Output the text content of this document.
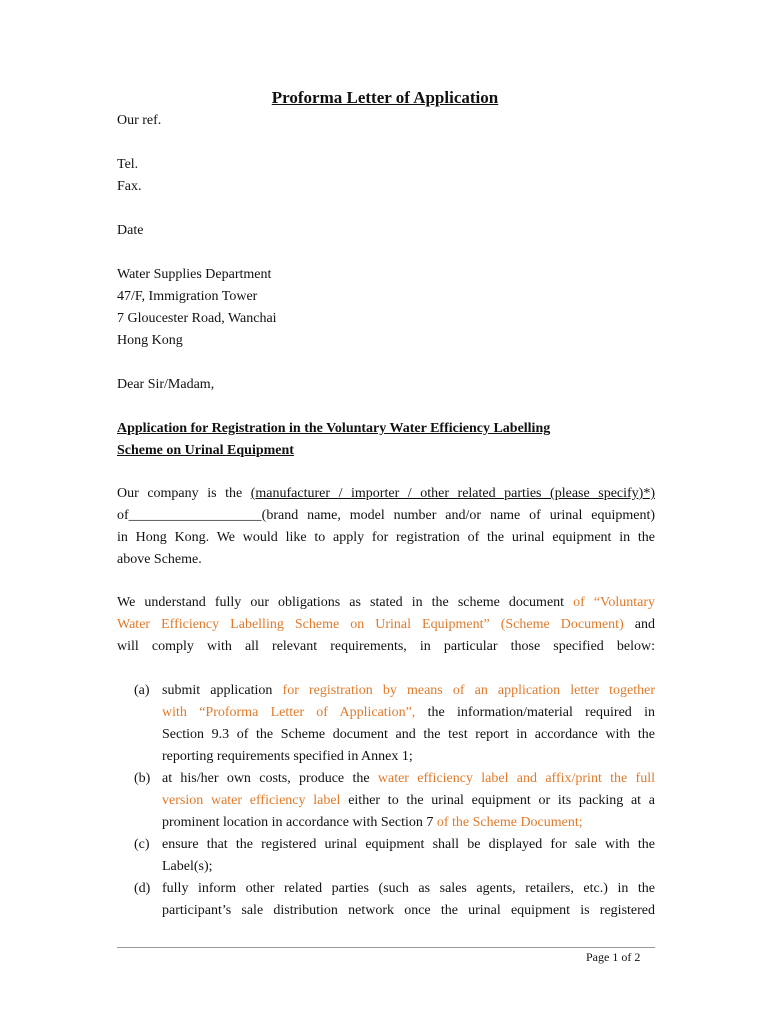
Proforma Letter of Application
Our ref.
Tel.
Fax.
Date
Water Supplies Department
47/F, Immigration Tower
7 Gloucester Road, Wanchai
Hong Kong
Dear Sir/Madam,
Application for Registration in the Voluntary Water Efficiency Labelling
Scheme on Urinal Equipment
Our company is the (manufacturer / importer / other related parties (please specify)*)
of___________________(brand name, model number and/or name of urinal equipment)
in Hong Kong. We would like to apply for registration of the urinal equipment in the
above Scheme.
We understand fully our obligations as stated in the scheme document of “Voluntary
Water Efficiency Labelling Scheme on Urinal Equipment” (Scheme Document) and
will comply with all relevant requirements, in particular those specified below:
(a) submit application for registration by means of an application letter together
with “Proforma Letter of Application”, the information/material required in
Section 9.3 of the Scheme document and the test report in accordance with the
reporting requirements specified in Annex 1;
(b) at his/her own costs, produce the water efficiency label and affix/print the full
version water efficiency label either to the urinal equipment or its packing at a
prominent location in accordance with Section 7 of the Scheme Document;
(c) ensure that the registered urinal equipment shall be displayed for sale with the
Label(s);
(d) fully inform other related parties (such as sales agents, retailers, etc.) in the
participant’s sale distribution network once the urinal equipment is registered
Page 1 of 2
